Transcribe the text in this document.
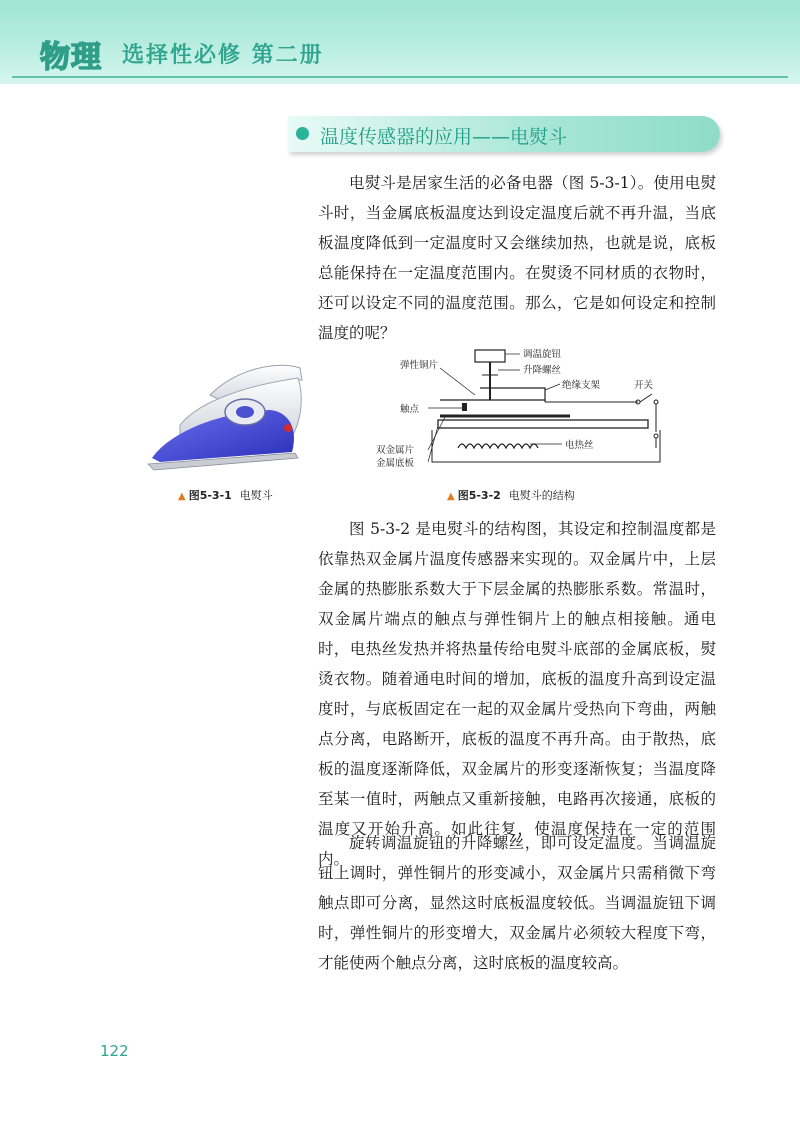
物理 选择性必修 第二册
温度传感器的应用——电熨斗

电熨斗是居家生活的必备电器（图 5-3-1）。使用电熨斗时，当金属底板温度达到设定温度后就不再升温，当底板温度降低到一定温度时又会继续加热，也就是说，底板总能保持在一定温度范围内。在熨烫不同材质的衣物时，还可以设定不同的温度范围。那么，它是如何设定和控制温度的呢？

▲ 图5-3-1 电熨斗
调温旋钮
升降螺丝
弹性铜片
绝缘支架	开关
触点
电热丝
双金属片
金属底板
▲ 图5-3-2 电熨斗的结构

图 5-3-2 是电熨斗的结构图，其设定和控制温度都是依靠热双金属片温度传感器来实现的。双金属片中，上层金属的热膨胀系数大于下层金属的热膨胀系数。常温时，双金属片端点的触点与弹性铜片上的触点相接触。通电时，电热丝发热并将热量传给电熨斗底部的金属底板，熨烫衣物。随着通电时间的增加，底板的温度升高到设定温度时，与底板固定在一起的双金属片受热向下弯曲，两触点分离，电路断开，底板的温度不再升高。由于散热，底板的温度逐渐降低，双金属片的形变逐渐恢复；当温度降至某一值时，两触点又重新接触，电路再次接通，底板的温度又开始升高。如此往复，使温度保持在一定的范围内。

旋转调温旋钮的升降螺丝，即可设定温度。当调温旋钮上调时，弹性铜片的形变减小，双金属片只需稍微下弯触点即可分离，显然这时底板温度较低。当调温旋钮下调时，弹性铜片的形变增大，双金属片必须较大程度下弯，才能使两个触点分离，这时底板的温度较高。

122
